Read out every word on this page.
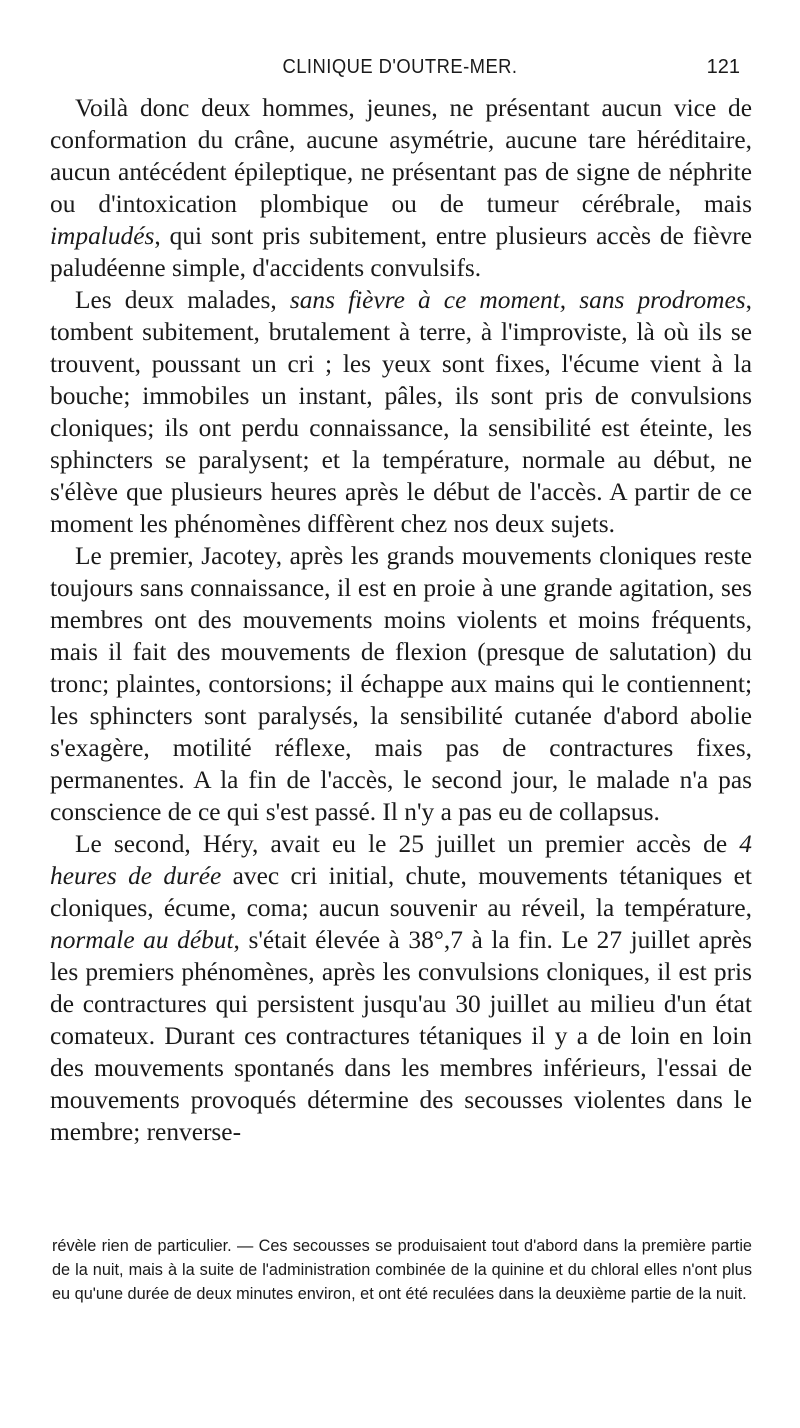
CLINIQUE D'OUTRE-MER.	121

Voilà donc deux hommes, jeunes, ne présentant aucun vice de conformation du crâne, aucune asymétrie, aucune tare héréditaire, aucun antécédent épileptique, ne présentant pas de signe de néphrite ou d'intoxication plombique ou de tumeur cérébrale, mais impaludés, qui sont pris subitement, entre plusieurs accès de fièvre paludéenne simple, d'accidents convulsifs.

Les deux malades, sans fièvre à ce moment, sans prodromes, tombent subitement, brutalement à terre, à l'improviste, là où ils se trouvent, poussant un cri ; les yeux sont fixes, l'écume vient à la bouche; immobiles un instant, pâles, ils sont pris de convulsions cloniques; ils ont perdu connaissance, la sensibilité est éteinte, les sphincters se paralysent; et la température, normale au début, ne s'élève que plusieurs heures après le début de l'accès. A partir de ce moment les phénomènes diffèrent chez nos deux sujets.

Le premier, Jacotey, après les grands mouvements cloniques reste toujours sans connaissance, il est en proie à une grande agitation, ses membres ont des mouvements moins violents et moins fréquents, mais il fait des mouvements de flexion (presque de salutation) du tronc; plaintes, contorsions; il échappe aux mains qui le contiennent; les sphincters sont paralysés, la sensibilité cutanée d'abord abolie s'exagère, motilité réflexe, mais pas de contractures fixes, permanentes. A la fin de l'accès, le second jour, le malade n'a pas conscience de ce qui s'est passé. Il n'y a pas eu de collapsus.

Le second, Héry, avait eu le 25 juillet un premier accès de 4 heures de durée avec cri initial, chute, mouvements tétaniques et cloniques, écume, coma; aucun souvenir au réveil, la température, normale au début, s'était élevée à 38°,7 à la fin. Le 27 juillet après les premiers phénomènes, après les convulsions cloniques, il est pris de contractures qui persistent jusqu'au 30 juillet au milieu d'un état comateux. Durant ces contractures tétaniques il y a de loin en loin des mouvements spontanés dans les membres inférieurs, l'essai de mouvements provoqués détermine des secousses violentes dans le membre; renverse-

révèle rien de particulier. — Ces secousses se produisaient tout d'abord dans la première partie de la nuit, mais à la suite de l'administration combinée de la quinine et du chloral elles n'ont plus eu qu'une durée de deux minutes environ, et ont été reculées dans la deuxième partie de la nuit.
